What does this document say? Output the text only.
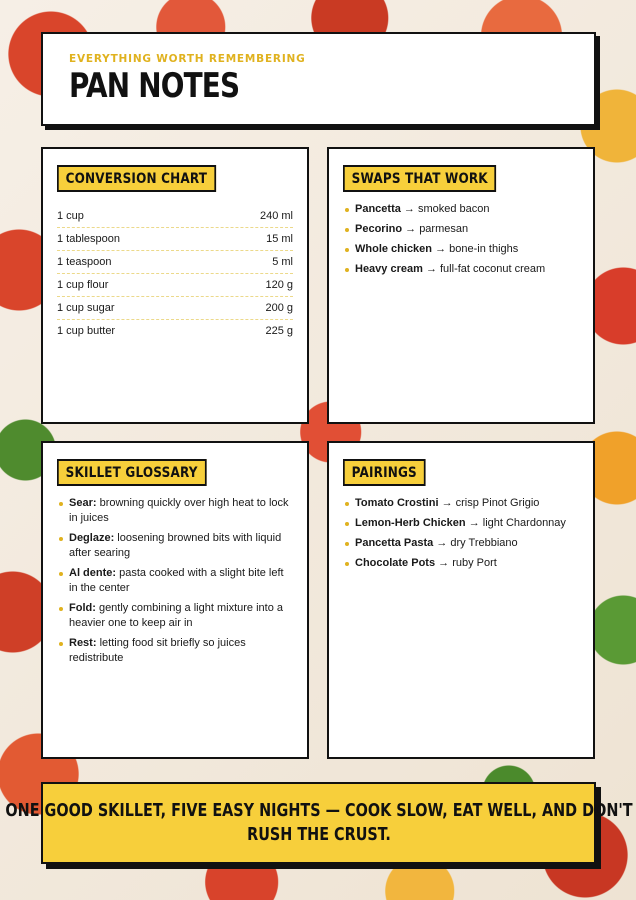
EVERYTHING WORTH REMEMBERING
PAN NOTES
CONVERSION CHART
1 cup	240 ml
1 tablespoon	15 ml
1 teaspoon	5 ml
1 cup flour	120 g
1 cup sugar	200 g
1 cup butter	225 g
SWAPS THAT WORK
Pancetta → smoked bacon
Pecorino → parmesan
Whole chicken → bone-in thighs
Heavy cream → full-fat coconut cream
SKILLET GLOSSARY
Sear: browning quickly over high heat to lock in juices
Deglaze: loosening browned bits with liquid after searing
Al dente: pasta cooked with a slight bite left in the center
Fold: gently combining a light mixture into a heavier one to keep air in
Rest: letting food sit briefly so juices redistribute
PAIRINGS
Tomato Crostini → crisp Pinot Grigio
Lemon-Herb Chicken → light Chardonnay
Pancetta Pasta → dry Trebbiano
Chocolate Pots → ruby Port
ONE GOOD SKILLET, FIVE EASY NIGHTS — COOK SLOW, EAT WELL, AND DON'T
RUSH THE CRUST.
